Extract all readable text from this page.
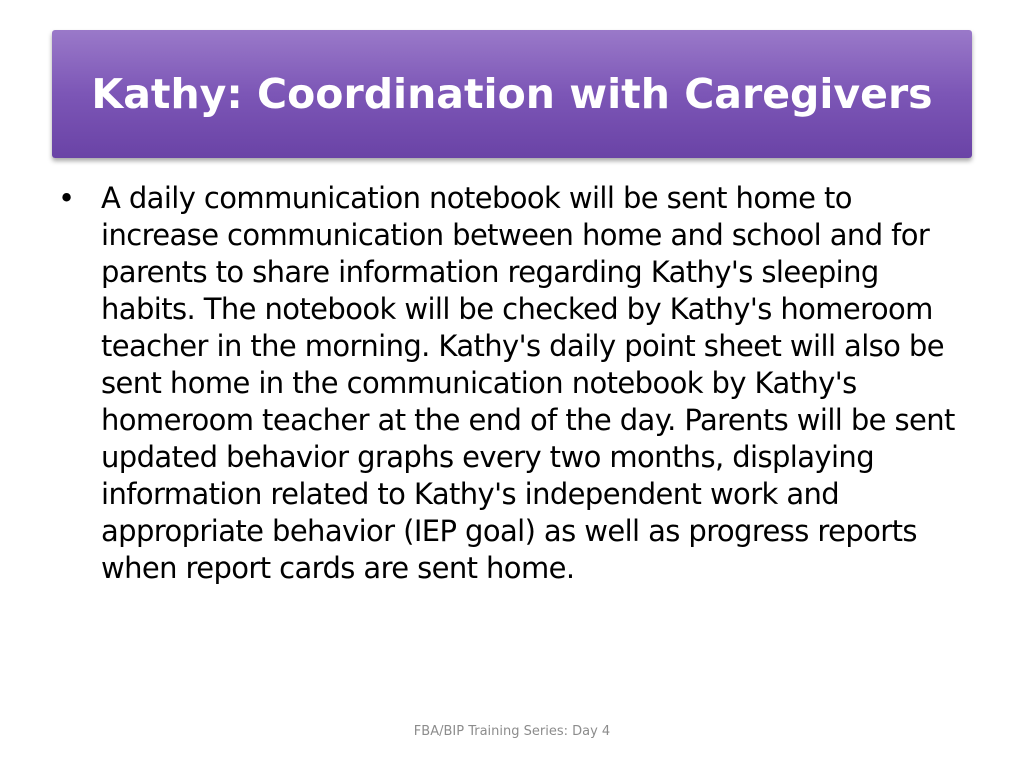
Kathy: Coordination with Caregivers
• A daily communication notebook will be sent home to increase communication between home and school and for parents to share information regarding Kathy's sleeping habits. The notebook will be checked by Kathy's homeroom teacher in the morning. Kathy's daily point sheet will also be sent home in the communication notebook by Kathy's homeroom teacher at the end of the day. Parents will be sent updated behavior graphs every two months, displaying information related to Kathy's independent work and appropriate behavior (IEP goal) as well as progress reports when report cards are sent home.
FBA/BIP Training Series: Day 4
